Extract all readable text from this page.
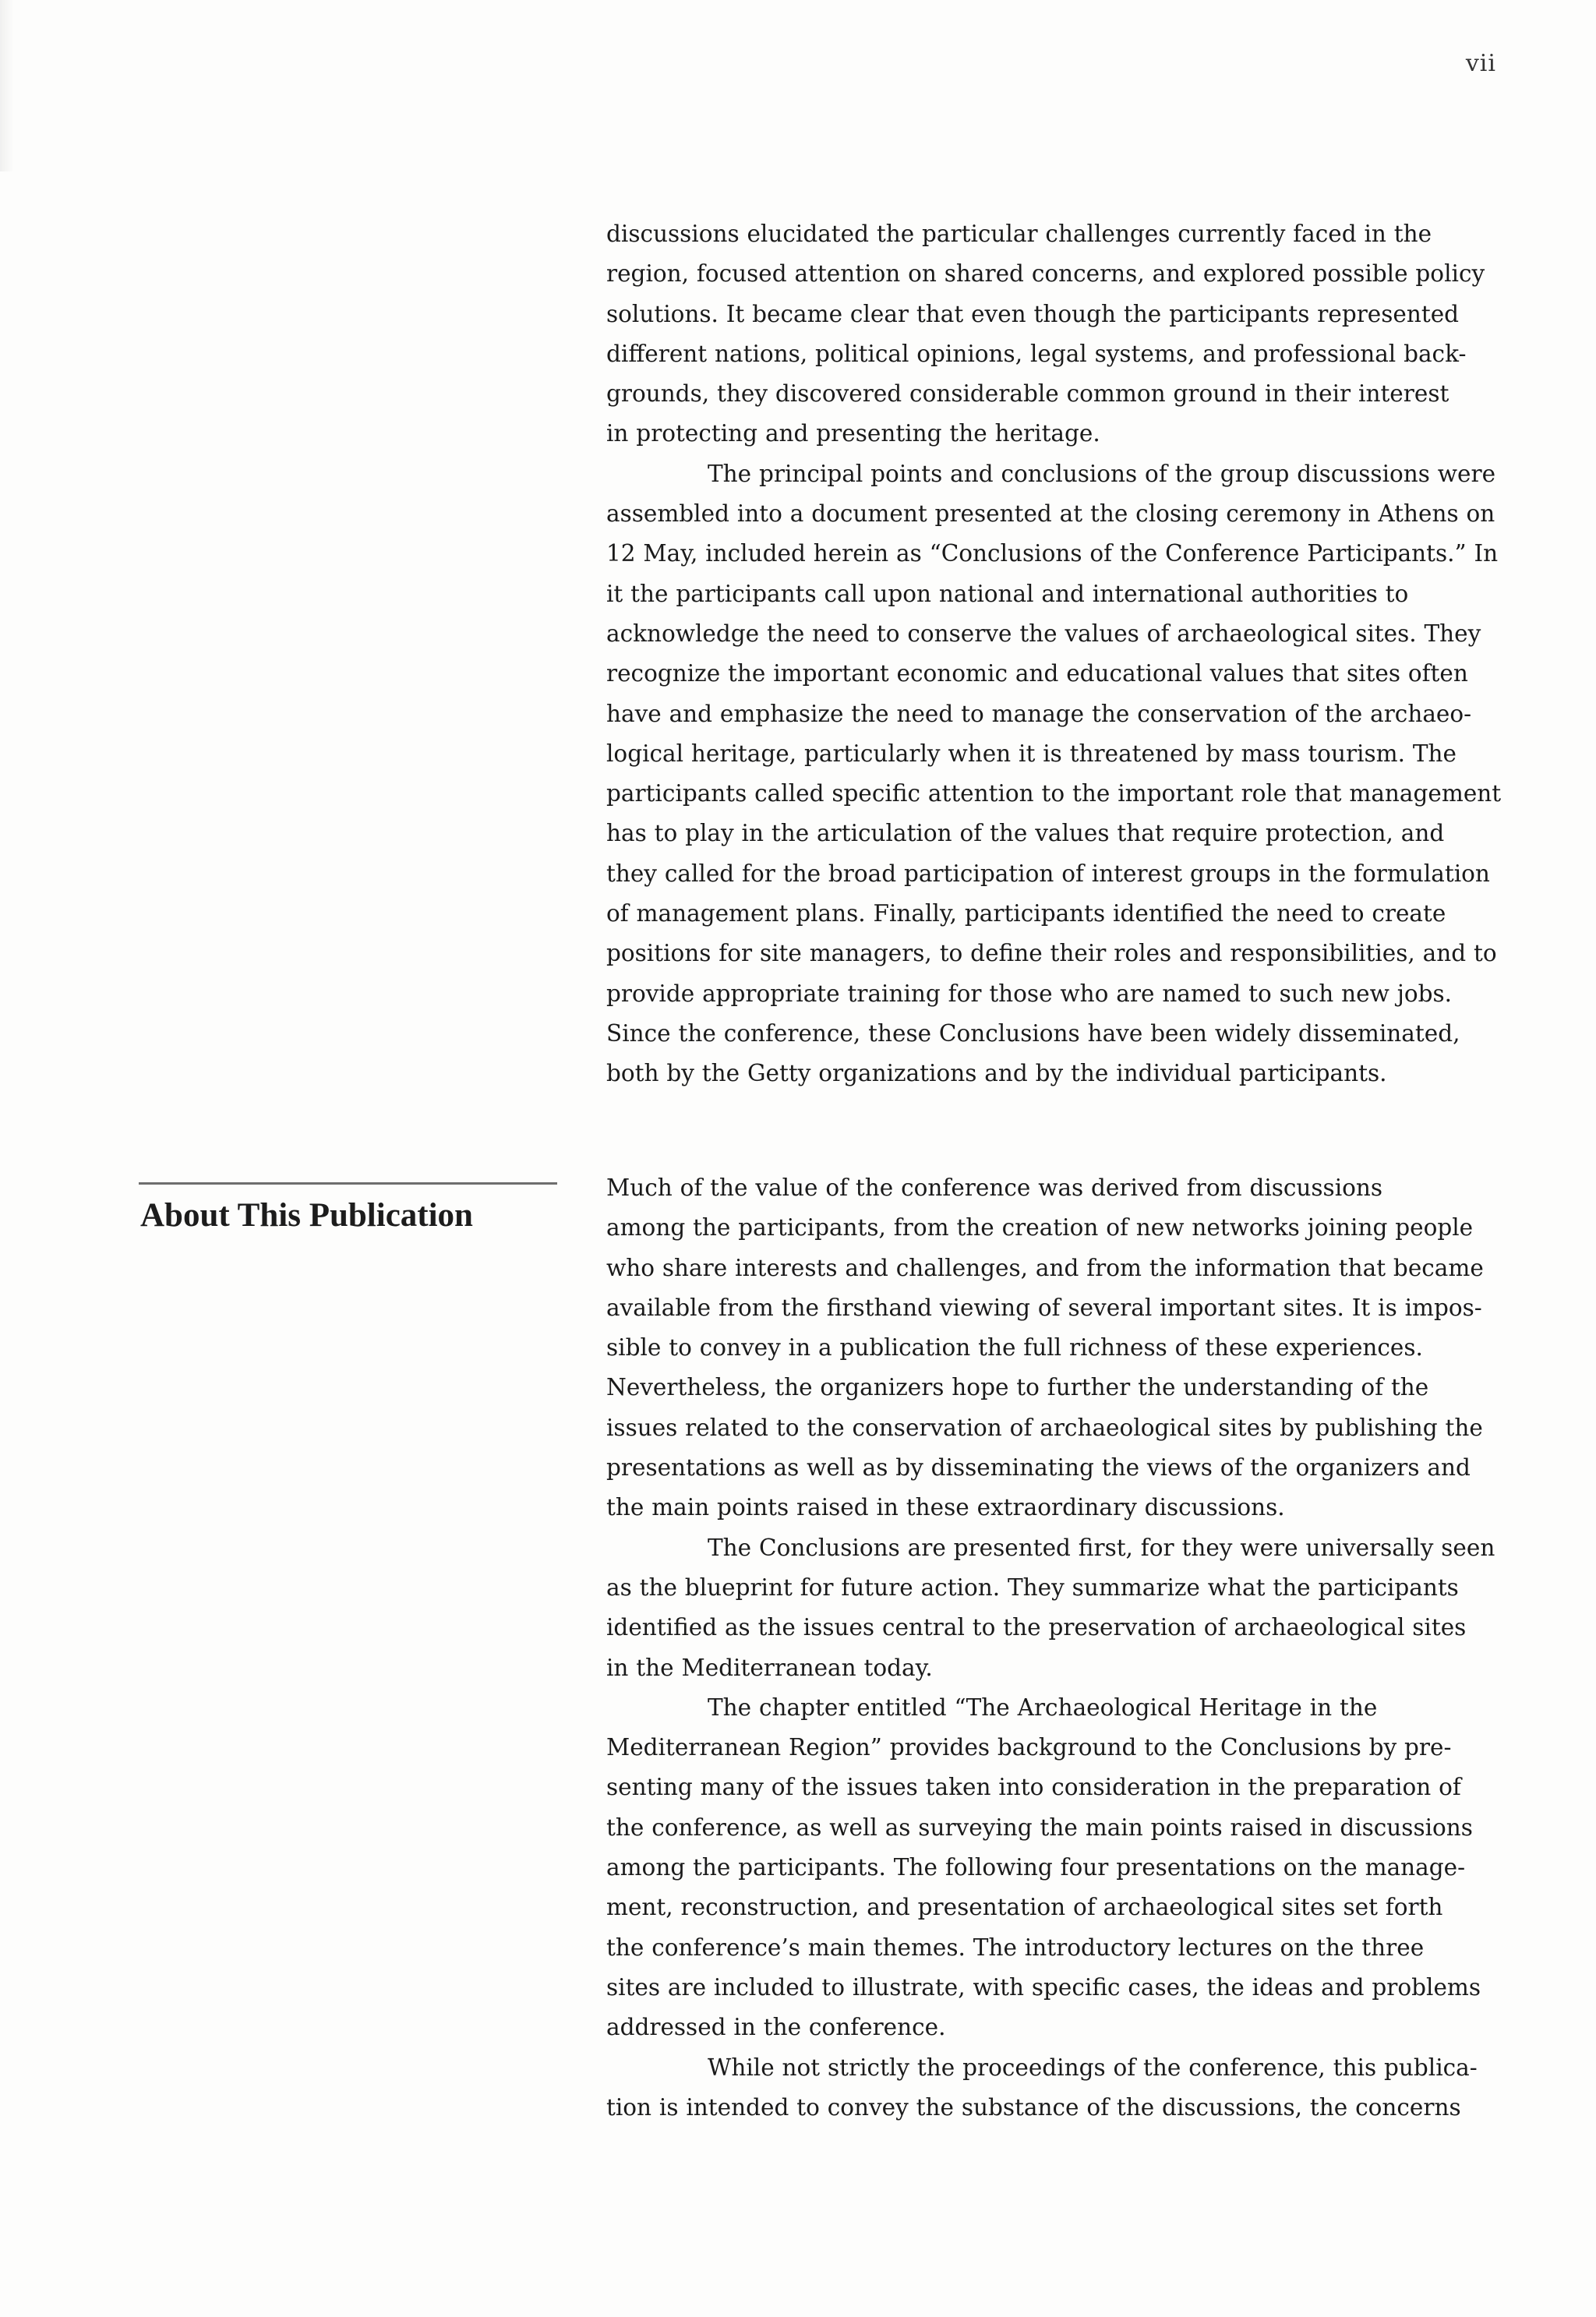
vii

discussions elucidated the particular challenges currently faced in the
region, focused attention on shared concerns, and explored possible policy
solutions. It became clear that even though the participants represented
different nations, political opinions, legal systems, and professional back-
grounds, they discovered considerable common ground in their interest
in protecting and presenting the heritage.

The principal points and conclusions of the group discussions were
assembled into a document presented at the closing ceremony in Athens on
12 May, included herein as “Conclusions of the Conference Participants.” In
it the participants call upon national and international authorities to
acknowledge the need to conserve the values of archaeological sites. They
recognize the important economic and educational values that sites often
have and emphasize the need to manage the conservation of the archaeo-
logical heritage, particularly when it is threatened by mass tourism. The
participants called specific attention to the important role that management
has to play in the articulation of the values that require protection, and
they called for the broad participation of interest groups in the formulation
of management plans. Finally, participants identified the need to create
positions for site managers, to define their roles and responsibilities, and to
provide appropriate training for those who are named to such new jobs.
Since the conference, these Conclusions have been widely disseminated,
both by the Getty organizations and by the individual participants.

About This Publication

Much of the value of the conference was derived from discussions
among the participants, from the creation of new networks joining people
who share interests and challenges, and from the information that became
available from the firsthand viewing of several important sites. It is impos-
sible to convey in a publication the full richness of these experiences.
Nevertheless, the organizers hope to further the understanding of the
issues related to the conservation of archaeological sites by publishing the
presentations as well as by disseminating the views of the organizers and
the main points raised in these extraordinary discussions.

The Conclusions are presented first, for they were universally seen
as the blueprint for future action. They summarize what the participants
identified as the issues central to the preservation of archaeological sites
in the Mediterranean today.

The chapter entitled “The Archaeological Heritage in the
Mediterranean Region” provides background to the Conclusions by pre-
senting many of the issues taken into consideration in the preparation of
the conference, as well as surveying the main points raised in discussions
among the participants. The following four presentations on the manage-
ment, reconstruction, and presentation of archaeological sites set forth
the conference’s main themes. The introductory lectures on the three
sites are included to illustrate, with specific cases, the ideas and problems
addressed in the conference.

While not strictly the proceedings of the conference, this publica-
tion is intended to convey the substance of the discussions, the concerns
